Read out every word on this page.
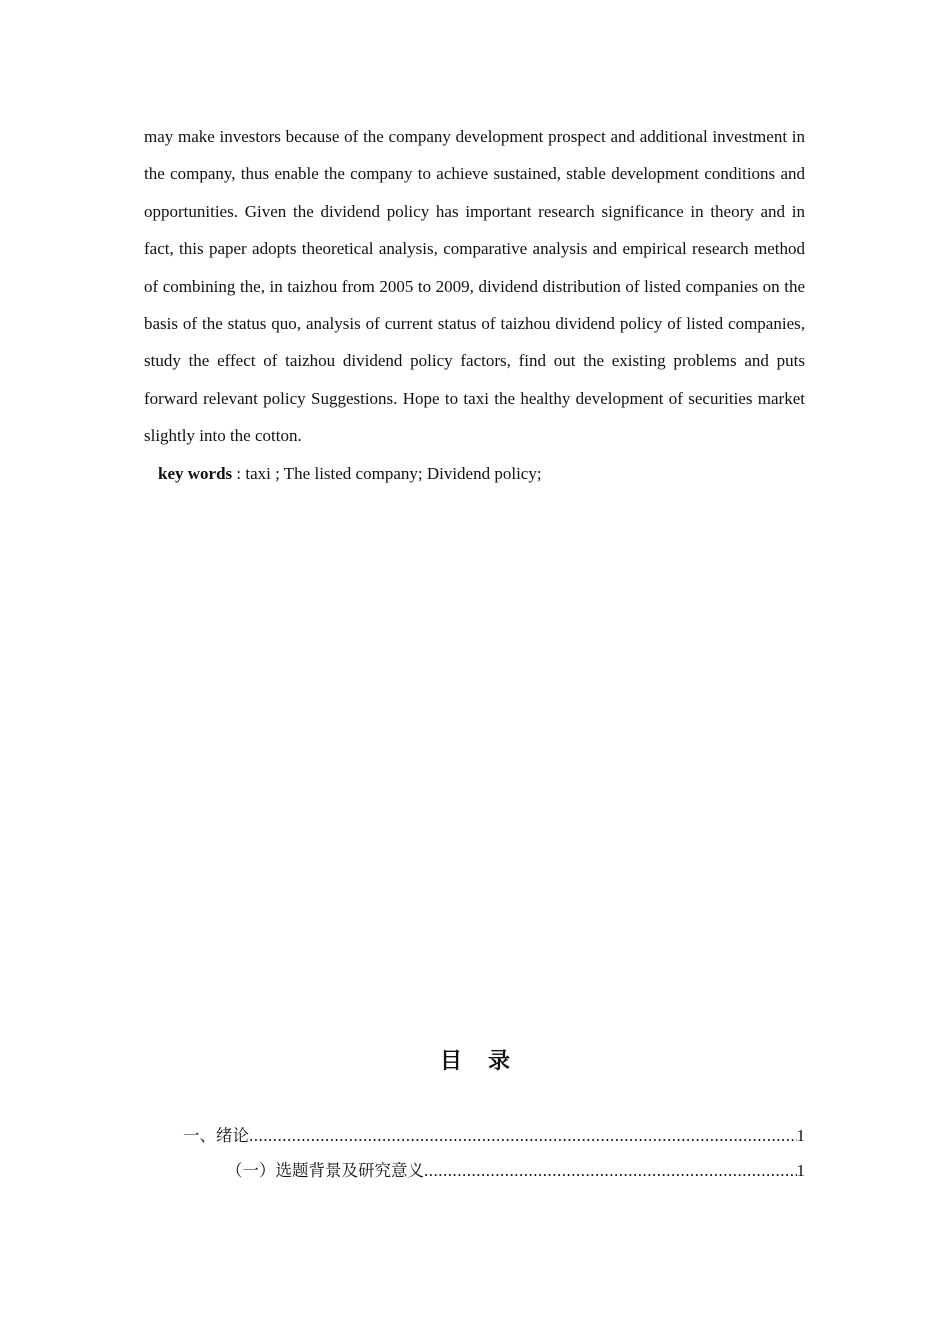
may make investors because of the company development prospect and additional investment in the company, thus enable the company to achieve sustained, stable development conditions and opportunities. Given the dividend policy has important research significance in theory and in fact, this paper adopts theoretical analysis, comparative analysis and empirical research method of combining the, in taizhou from 2005 to 2009, dividend distribution of listed companies on the basis of the status quo, analysis of current status of taizhou dividend policy of listed companies, study the effect of taizhou dividend policy factors, find out the existing problems and puts forward relevant policy Suggestions. Hope to taxi the healthy development of securities market slightly into the cotton.

key words : taxi ; The listed company; Dividend policy;

目 录
一、绪论 .....	1
（一）选题背景及研究意义 .....	1
